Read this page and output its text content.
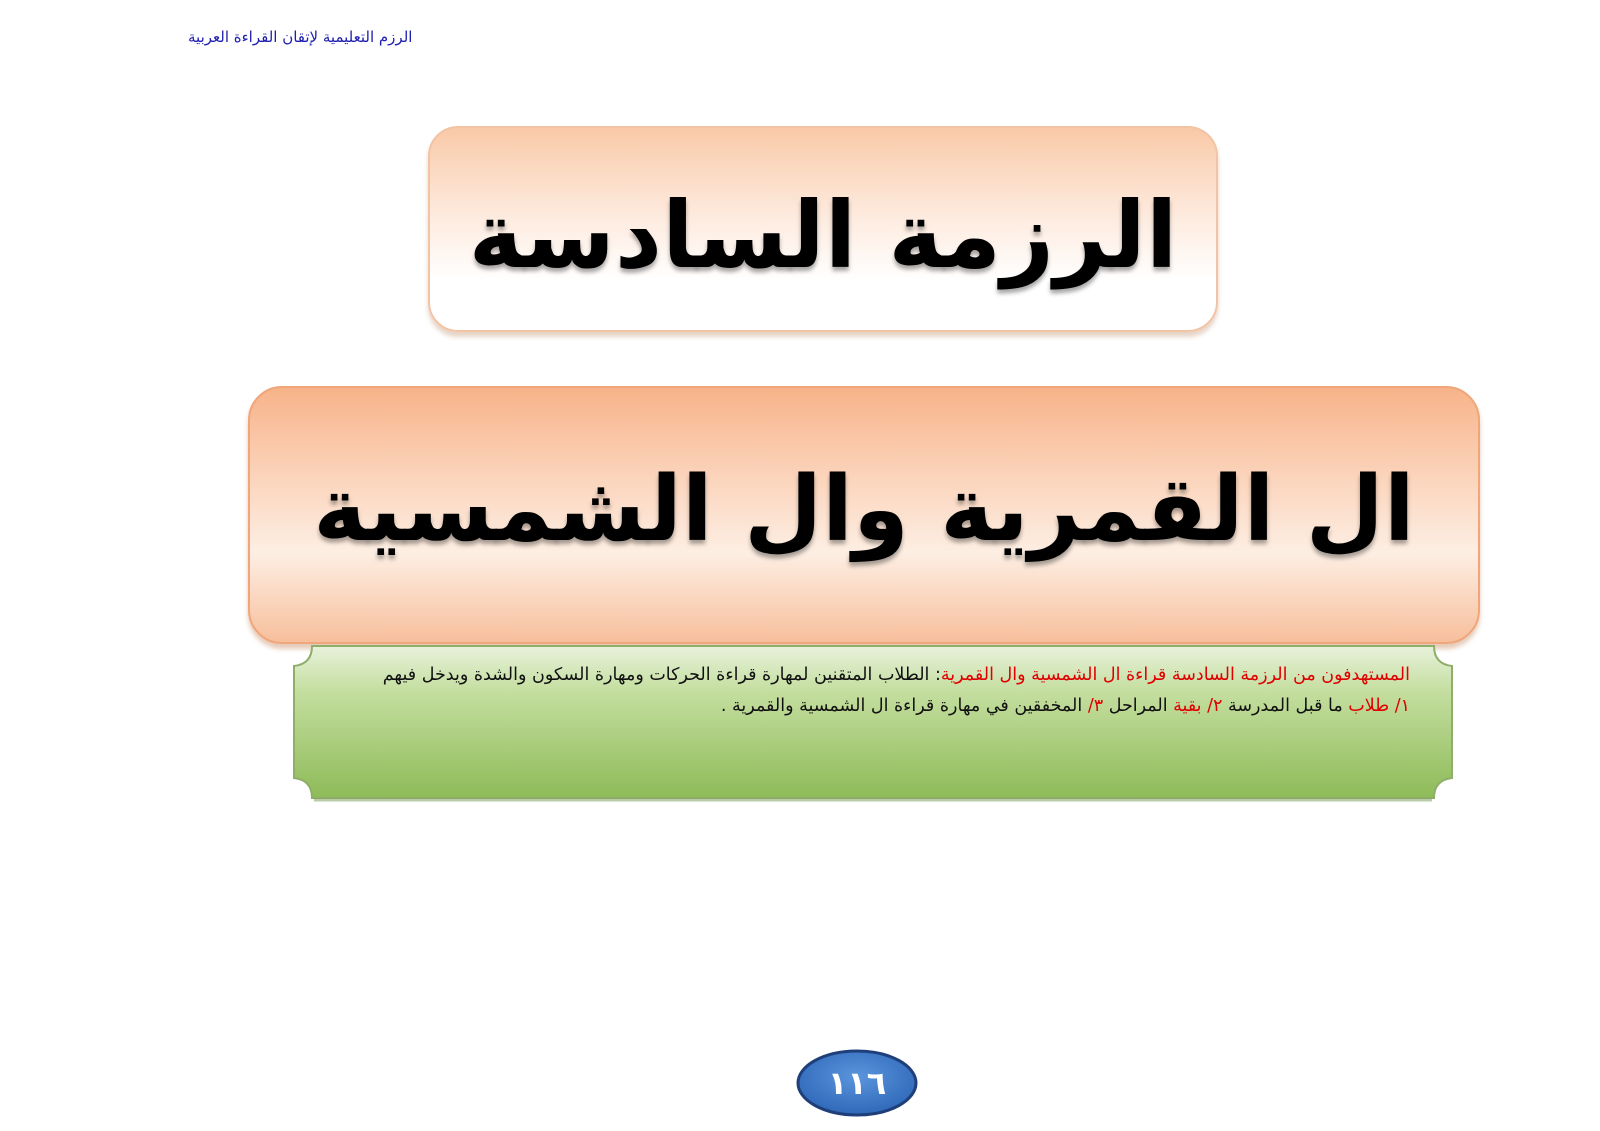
الرزم التعليمية لإتقان القراءة العربية
الرزمة السادسة
ال القمرية وال الشمسية
المستهدفون من الرزمة السادسة قراءة ال الشمسية وال القمرية: الطلاب المتقنين لمهارة قراءة الحركات ومهارة السكون والشدة ويدخل فيهم ١/ طلاب ما قبل المدرسة ٢/ بقية المراحل ٣/ المخفقين في مهارة قراءة ال الشمسية والقمرية .
١١٦
